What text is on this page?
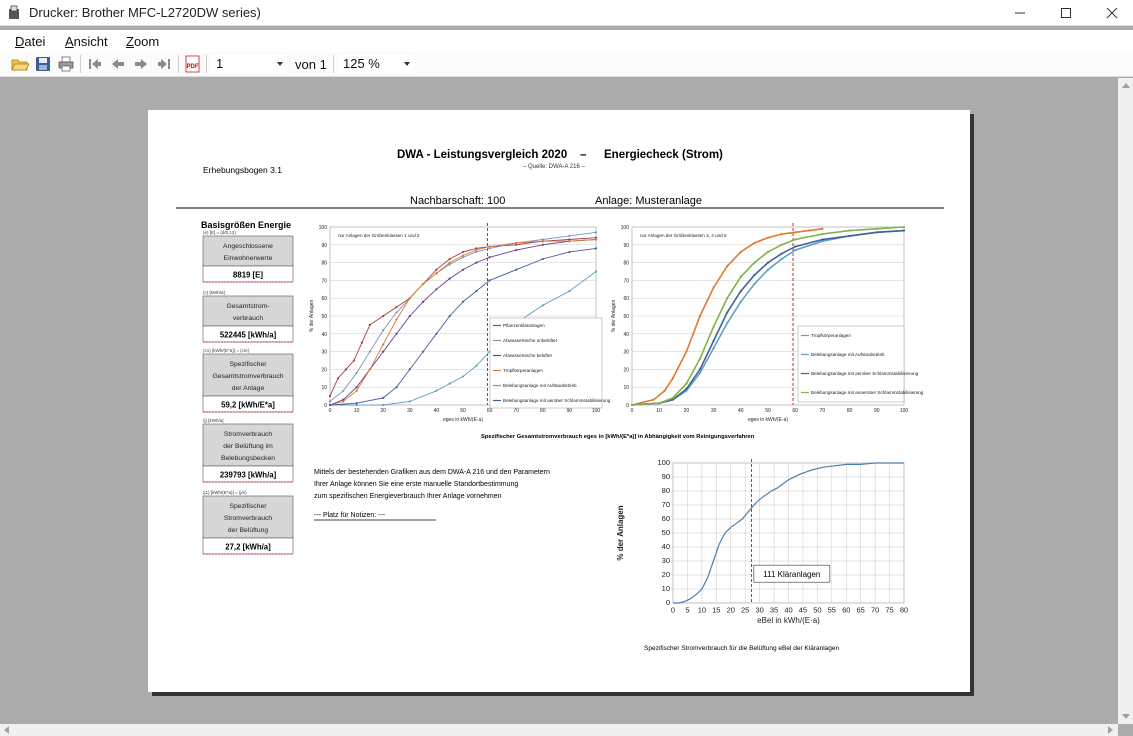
Drucker: Brother MFC-L2720DW series)
Datei Ansicht Zoom
PDF 1	von 1 125 %
DWA - Leistungsvergleich 2020 – Energiecheck (Strom)
– Quelle: DWA-A 216 –
Erhebungsbogen 3.1
Nachbarschaft: 100	Anlage: Musteranlage
Basisgrößen Energie
(e) [E] = (d/0,12)
Angeschlossene
Einwohnerwerte
8819 [E]
(c) [kWh/a]
Gesamtstrom-
verbrauch
522445 [kWh/a]
(c1) [kWh/(E*a)] = (c/e)
Spezifischer
Gesamtstromverbrauch
der Anlage
59,2 [kWh/E*a]
(j) [kWh/a]
Stromverbrauch
der Belüftung im
Belebungsbecken
239793 [kWh/a]
(j1) [kWh/(E*a)] = (j/e)
Spezifischer
Stromverbrauch
der Belüftung
27,2 [kWh/a]
0
10
20
30
40
50
60
70
80
90
100
0	10	20	30	40	50	60	70	80	90	100
nur Anlagen der Größenklassen 1 und 2
eges in kWh/(E·a)
% der Anlagen	Pflanzenkläranlagen
Abwasserteiche unbelüftet
Abwasserteiche belüftet
Tropfkörperanlagen
Belebungsanlage mit Aufstaubetrieb
Belebungsanlage mit aerober Schlammstabilisierung
0
10
20
30
40
50
60
70
80
90
100
0	10	20	30	40	50	60	70	80	90	100
nur Anlagen der Größenklassen 3, 4 und 5
eges in kWh/(E·a)
% der Anlagen
Tropfkörperanlagen
Belebungsanlage mit Aufstaubetrieb
Belebungsanlage mit aerober Schlammstabilisierung
Belebungsanlage mit anaerober Schlammstabilisierung
Spezifischer Gesamtstromverbrauch eges in [kWh/(E*a)] in Abhängigkeit vom Reinigungsverfahren
Mittels der bestehenden Grafiken aus dem DWA-A 216 und den Parametern
Ihrer Anlage können Sie eine erste manuelle Standortbestimmung
zum spezifischen Energieverbrauch Ihrer Anlage vornehmen
--- Platz für Notizen: ---
0
10
20
30
40
50
60
70
80
90
100
0 5 10 15 20 25 30 35 40 45 50 55 60 65 70 75 80
eBel in kWh/(E·a)
% der Anlagen
111 Kläranlagen
Spezifischer Stromverbrauch für die Belüftung eBel der Kläranlagen
